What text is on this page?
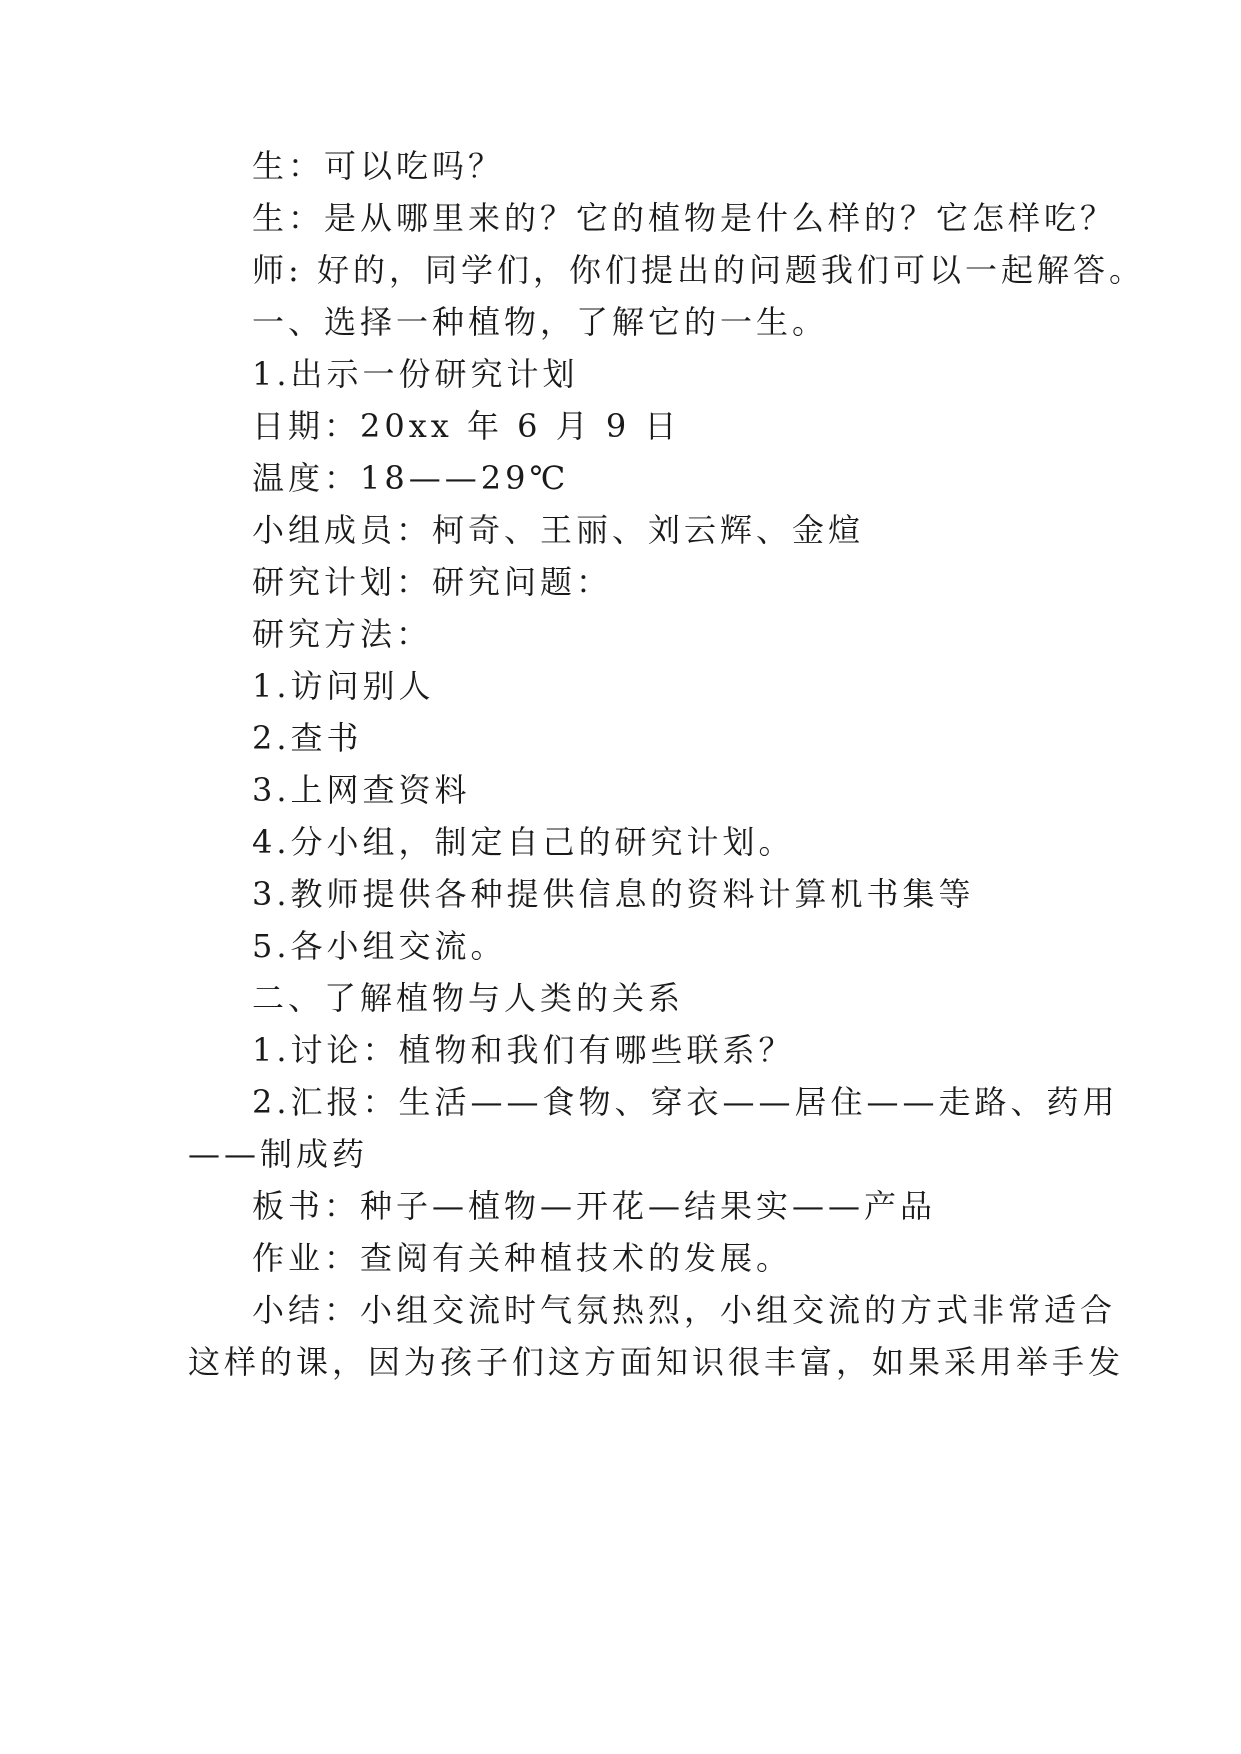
生：可以吃吗？
生：是从哪里来的？它的植物是什么样的？它怎样吃？
师: 好的，同学们，你们提出的问题我们可以一起解答。
一、选择一种植物，了解它的一生。
1.出示一份研究计划
日期：20xx 年 6 月 9 日
温度：18——29℃
小组成员：柯奇、王丽、刘云辉、金煊
研究计划：研究问题：
研究方法：
1.访问别人
2.查书
3.上网查资料
4.分小组，制定自己的研究计划。
3.教师提供各种提供信息的资料计算机书集等
5.各小组交流。
二、了解植物与人类的关系
1.讨论：植物和我们有哪些联系？
2.汇报：生活——食物、穿衣——居住——走路、药用
——制成药
板书：种子—植物—开花—结果实——产品
作业：查阅有关种植技术的发展。
小结：小组交流时气氛热烈，小组交流的方式非常适合
这样的课，因为孩子们这方面知识很丰富，如果采用举手发
